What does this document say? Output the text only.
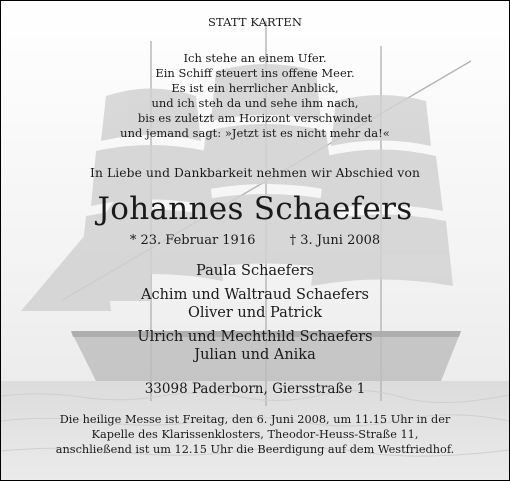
STATT KARTEN
Ich stehe an einem Ufer.
Ein Schiff steuert ins offene Meer.
Es ist ein herrlicher Anblick,
und ich steh da und sehe ihm nach,
bis es zuletzt am Horizont verschwindet
und jemand sagt: »Jetzt ist es nicht mehr da!«
In Liebe und Dankbarkeit nehmen wir Abschied von
Johannes Schaefers
* 23. Februar 1916	† 3. Juni 2008
Paula Schaefers
Achim und Waltraud Schaefers
Oliver und Patrick
Ulrich und Mechthild Schaefers
Julian und Anika
33098 Paderborn, Giersstraße 1
Die heilige Messe ist Freitag, den 6. Juni 2008, um 11.15 Uhr in der
Kapelle des Klarissenklosters, Theodor-Heuss-Straße 11,
anschließend ist um 12.15 Uhr die Beerdigung auf dem Westfriedhof.
